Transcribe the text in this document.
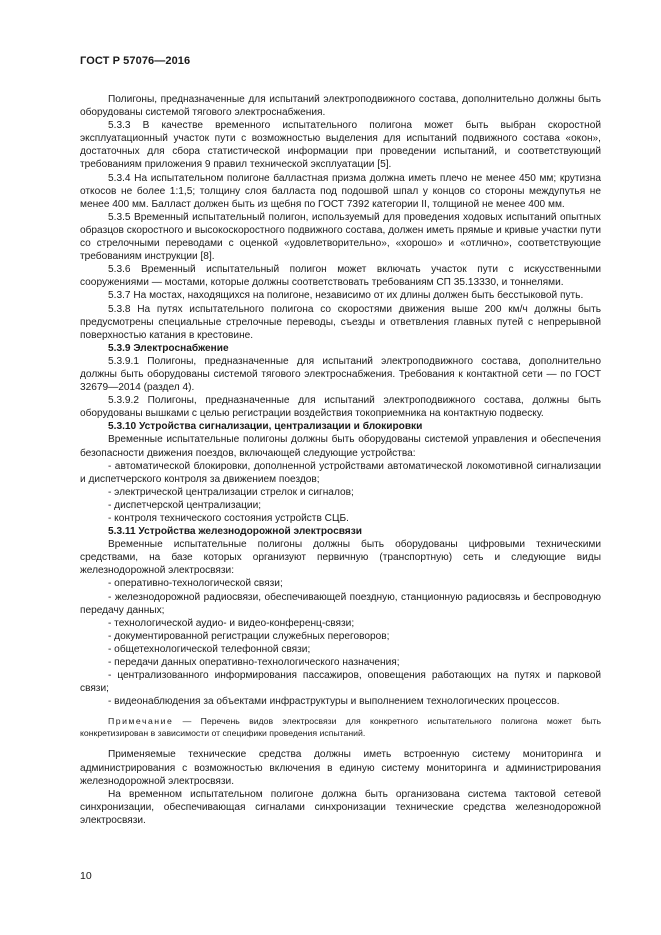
ГОСТ Р 57076—2016

Полигоны, предназначенные для испытаний электроподвижного состава, дополнительно должны быть оборудованы системой тягового электроснабжения.

5.3.3 В качестве временного испытательного полигона может быть выбран скоростной эксплуатационный участок пути с возможностью выделения для испытаний подвижного состава «окон», достаточных для сбора статистической информации при проведении испытаний, и соответствующий требованиям приложения 9 правил технической эксплуатации [5].

5.3.4 На испытательном полигоне балластная призма должна иметь плечо не менее 450 мм; крутизна откосов не более 1:1,5; толщину слоя балласта под подошвой шпал у концов со стороны междупутья не менее 400 мм. Балласт должен быть из щебня по ГОСТ 7392 категории II, толщиной не менее 400 мм.

5.3.5 Временный испытательный полигон, используемый для проведения ходовых испытаний опытных образцов скоростного и высокоскоростного подвижного состава, должен иметь прямые и кривые участки пути со стрелочными переводами с оценкой «удовлетворительно», «хорошо» и «отлично», соответствующие требованиям инструкции [8].

5.3.6 Временный испытательный полигон может включать участок пути с искусственными сооружениями — мостами, которые должны соответствовать требованиям СП 35.13330, и тоннелями.

5.3.7 На мостах, находящихся на полигоне, независимо от их длины должен быть бесстыковой путь.

5.3.8 На путях испытательного полигона со скоростями движения выше 200 км/ч должны быть предусмотрены специальные стрелочные переводы, съезды и ответвления главных путей с непрерывной поверхностью катания в крестовине.

5.3.9 Электроснабжение

5.3.9.1 Полигоны, предназначенные для испытаний электроподвижного состава, дополнительно должны быть оборудованы системой тягового электроснабжения. Требования к контактной сети — по ГОСТ 32679—2014 (раздел 4).

5.3.9.2 Полигоны, предназначенные для испытаний электроподвижного состава, должны быть оборудованы вышками с целью регистрации воздействия токоприемника на контактную подвеску.

5.3.10 Устройства сигнализации, централизации и блокировки

Временные испытательные полигоны должны быть оборудованы системой управления и обеспечения безопасности движения поездов, включающей следующие устройства:

- автоматической блокировки, дополненной устройствами автоматической локомотивной сигнализации и диспетчерского контроля за движением поездов;

- электрической централизации стрелок и сигналов;

- диспетчерской централизации;

- контроля технического состояния устройств СЦБ.

5.3.11 Устройства железнодорожной электросвязи

Временные испытательные полигоны должны быть оборудованы цифровыми техническими средствами, на базе которых организуют первичную (транспортную) сеть и следующие виды железнодорожной электросвязи:

- оперативно-технологической связи;

- железнодорожной радиосвязи, обеспечивающей поездную, станционную радиосвязь и беспроводную передачу данных;

- технологической аудио- и видео-конференц-связи;

- документированной регистрации служебных переговоров;

- общетехнологической телефонной связи;

- передачи данных оперативно-технологического назначения;

- централизованного информирования пассажиров, оповещения работающих на путях и парковой связи;

- видеонаблюдения за объектами инфраструктуры и выполнением технологических процессов.

Примечание — Перечень видов электросвязи для конкретного испытательного полигона может быть конкретизирован в зависимости от специфики проведения испытаний.

Применяемые технические средства должны иметь встроенную систему мониторинга и администрирования с возможностью включения в единую систему мониторинга и администрирования железнодорожной электросвязи.

На временном испытательном полигоне должна быть организована система тактовой сетевой синхронизации, обеспечивающая сигналами синхронизации технические средства железнодорожной электросвязи.

10
